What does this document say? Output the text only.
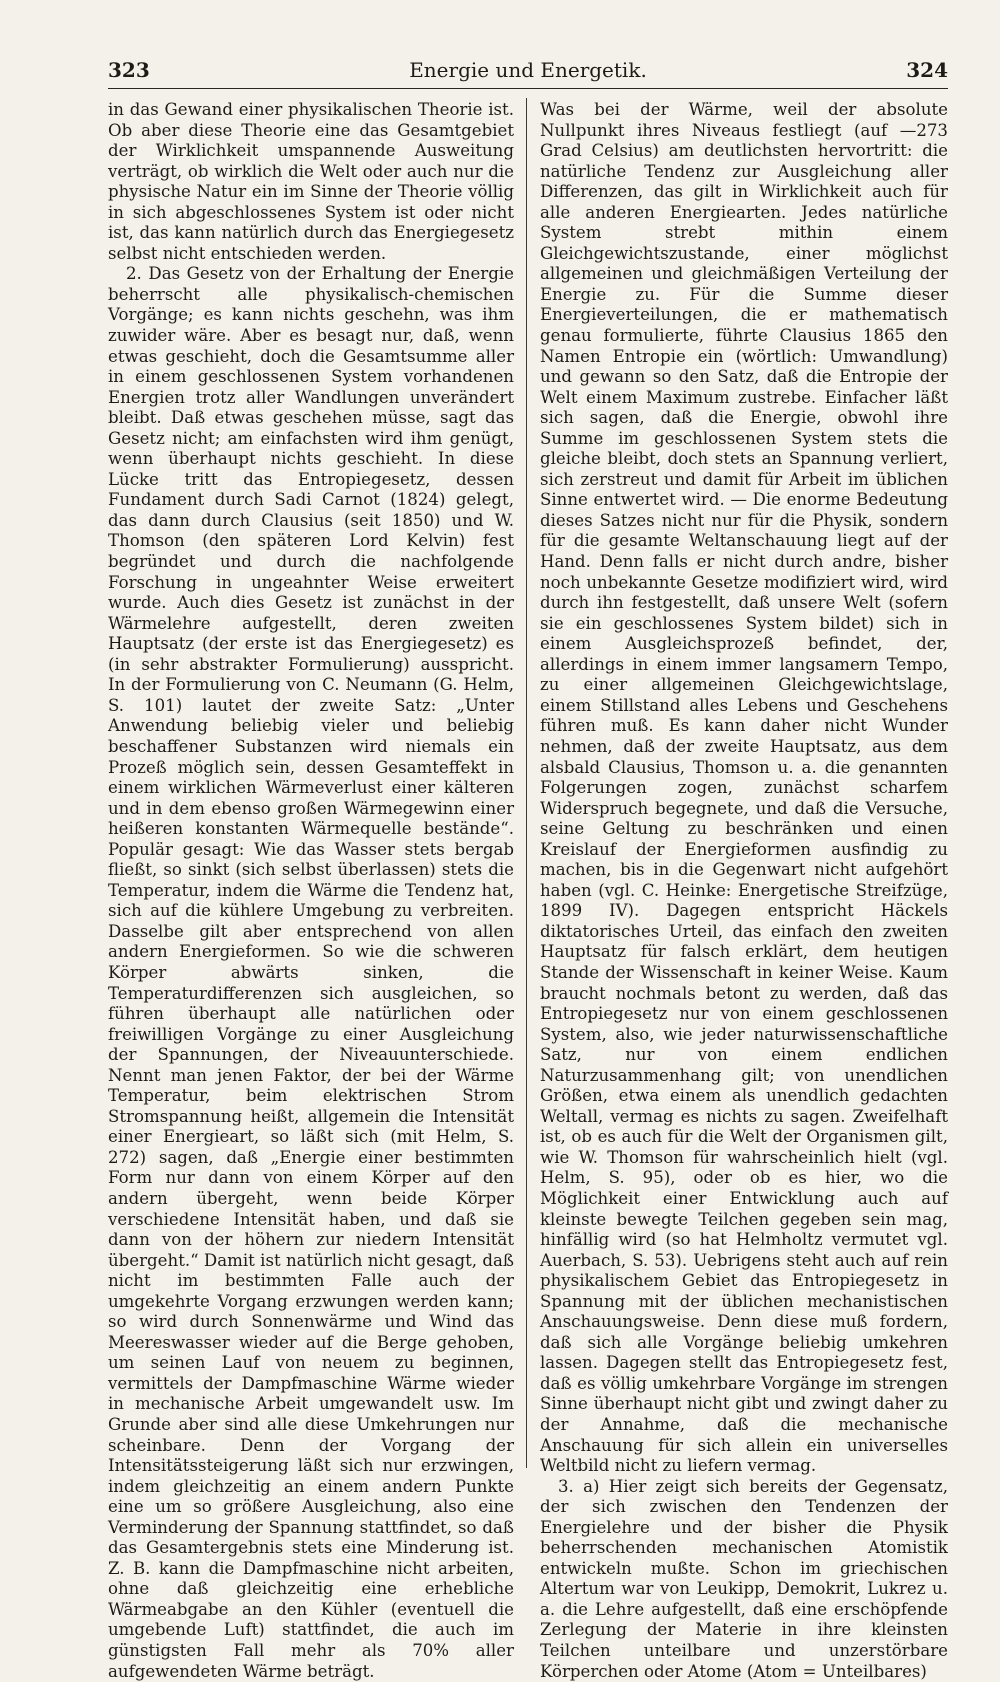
323	Energie und Energetik.	324

in das Gewand einer physikalischen Theorie ist. Ob aber diese Theorie eine das Gesamtgebiet der Wirklichkeit umspannende Ausweitung verträgt, ob wirklich die Welt oder auch nur die physische Natur ein im Sinne der Theorie völlig in sich abgeschlossenes System ist oder nicht ist, das kann natürlich durch das Energiegesetz selbst nicht entschieden werden.

2. Das Gesetz von der Erhaltung der Energie beherrscht alle physikalisch-chemischen Vorgänge; es kann nichts geschehn, was ihm zuwider wäre. Aber es besagt nur, daß, wenn etwas geschieht, doch die Gesamtsumme aller in einem geschlossenen System vorhandenen Energien trotz aller Wandlungen unverändert bleibt. Daß etwas geschehen müsse, sagt das Gesetz nicht; am einfachsten wird ihm genügt, wenn überhaupt nichts geschieht. In diese Lücke tritt das Entropiegesetz, dessen Fundament durch Sadi Carnot (1824) gelegt, das dann durch Clausius (seit 1850) und W. Thomson (den späteren Lord Kelvin) fest begründet und durch die nachfolgende Forschung in ungeahnter Weise erweitert wurde. Auch dies Gesetz ist zunächst in der Wärmelehre aufgestellt, deren zweiten Hauptsatz (der erste ist das Energiegesetz) es (in sehr abstrakter Formulierung) ausspricht. In der Formulierung von C. Neumann (G. Helm, S. 101) lautet der zweite Satz: „Unter Anwendung beliebig vieler und beliebig beschaffener Substanzen wird niemals ein Prozeß möglich sein, dessen Gesamteffekt in einem wirklichen Wärmeverlust einer kälteren und in dem ebenso großen Wärmegewinn einer heißeren konstanten Wärmequelle bestände“. Populär gesagt: Wie das Wasser stets bergab fließt, so sinkt (sich selbst überlassen) stets die Temperatur, indem die Wärme die Tendenz hat, sich auf die kühlere Umgebung zu verbreiten. Dasselbe gilt aber entsprechend von allen andern Energieformen. So wie die schweren Körper abwärts sinken, die Temperaturdifferenzen sich ausgleichen, so führen überhaupt alle natürlichen oder freiwilligen Vorgänge zu einer Ausgleichung der Spannungen, der Niveauunterschiede. Nennt man jenen Faktor, der bei der Wärme Temperatur, beim elektrischen Strom Stromspannung heißt, allgemein die Intensität einer Energieart, so läßt sich (mit Helm, S. 272) sagen, daß „Energie einer bestimmten Form nur dann von einem Körper auf den andern übergeht, wenn beide Körper verschiedene Intensität haben, und daß sie dann von der höhern zur niedern Intensität übergeht.“ Damit ist natürlich nicht gesagt, daß nicht im bestimmten Falle auch der umgekehrte Vorgang erzwungen werden kann; so wird durch Sonnenwärme und Wind das Meereswasser wieder auf die Berge gehoben, um seinen Lauf von neuem zu beginnen, vermittels der Dampfmaschine Wärme wieder in mechanische Arbeit umgewandelt usw. Im Grunde aber sind alle diese Umkehrungen nur scheinbare. Denn der Vorgang der Intensitätssteigerung läßt sich nur erzwingen, indem gleichzeitig an einem andern Punkte eine um so größere Ausgleichung, also eine Verminderung der Spannung stattfindet, so daß das Gesamtergebnis stets eine Minderung ist. Z. B. kann die Dampfmaschine nicht arbeiten, ohne daß gleichzeitig eine erhebliche Wärmeabgabe an den Kühler (eventuell die umgebende Luft) stattfindet, die auch im günstigsten Fall mehr als 70% aller aufgewendeten Wärme beträgt.

Was bei der Wärme, weil der absolute Nullpunkt ihres Niveaus festliegt (auf —273 Grad Celsius) am deutlichsten hervortritt: die natürliche Tendenz zur Ausgleichung aller Differenzen, das gilt in Wirklichkeit auch für alle anderen Energiearten. Jedes natürliche System strebt mithin einem Gleichgewichtszustande, einer möglichst allgemeinen und gleichmäßigen Verteilung der Energie zu. Für die Summe dieser Energieverteilungen, die er mathematisch genau formulierte, führte Clausius 1865 den Namen Entropie ein (wörtlich: Umwandlung) und gewann so den Satz, daß die Entropie der Welt einem Maximum zustrebe. Einfacher läßt sich sagen, daß die Energie, obwohl ihre Summe im geschlossenen System stets die gleiche bleibt, doch stets an Spannung verliert, sich zerstreut und damit für Arbeit im üblichen Sinne entwertet wird. — Die enorme Bedeutung dieses Satzes nicht nur für die Physik, sondern für die gesamte Weltanschauung liegt auf der Hand. Denn falls er nicht durch andre, bisher noch unbekannte Gesetze modifiziert wird, wird durch ihn festgestellt, daß unsere Welt (sofern sie ein geschlossenes System bildet) sich in einem Ausgleichsprozeß befindet, der, allerdings in einem immer langsamern Tempo, zu einer allgemeinen Gleichgewichtslage, einem Stillstand alles Lebens und Geschehens führen muß. Es kann daher nicht Wunder nehmen, daß der zweite Hauptsatz, aus dem alsbald Clausius, Thomson u. a. die genannten Folgerungen zogen, zunächst scharfem Widerspruch begegnete, und daß die Versuche, seine Geltung zu beschränken und einen Kreislauf der Energieformen ausfindig zu machen, bis in die Gegenwart nicht aufgehört haben (vgl. C. Heinke: Energetische Streifzüge, 1899 IV). Dagegen entspricht Häckels diktatorisches Urteil, das einfach den zweiten Hauptsatz für falsch erklärt, dem heutigen Stande der Wissenschaft in keiner Weise. Kaum braucht nochmals betont zu werden, daß das Entropiegesetz nur von einem geschlossenen System, also, wie jeder naturwissenschaftliche Satz, nur von einem endlichen Naturzusammenhang gilt; von unendlichen Größen, etwa einem als unendlich gedachten Weltall, vermag es nichts zu sagen. Zweifelhaft ist, ob es auch für die Welt der Organismen gilt, wie W. Thomson für wahrscheinlich hielt (vgl. Helm, S. 95), oder ob es hier, wo die Möglichkeit einer Entwicklung auch auf kleinste bewegte Teilchen gegeben sein mag, hinfällig wird (so hat Helmholtz vermutet vgl. Auerbach, S. 53). Uebrigens steht auch auf rein physikalischem Gebiet das Entropiegesetz in Spannung mit der üblichen mechanistischen Anschauungsweise. Denn diese muß fordern, daß sich alle Vorgänge beliebig umkehren lassen. Dagegen stellt das Entropiegesetz fest, daß es völlig umkehrbare Vorgänge im strengen Sinne überhaupt nicht gibt und zwingt daher zu der Annahme, daß die mechanische Anschauung für sich allein ein universelles Weltbild nicht zu liefern vermag.

3. a) Hier zeigt sich bereits der Gegensatz, der sich zwischen den Tendenzen der Energielehre und der bisher die Physik beherrschenden mechanischen Atomistik entwickeln mußte. Schon im griechischen Altertum war von Leukipp, Demokrit, Lukrez u. a. die Lehre aufgestellt, daß eine erschöpfende Zerlegung der Materie in ihre kleinsten Teilchen unteilbare und unzerstörbare Körperchen oder Atome (Atom = Unteilbares)
